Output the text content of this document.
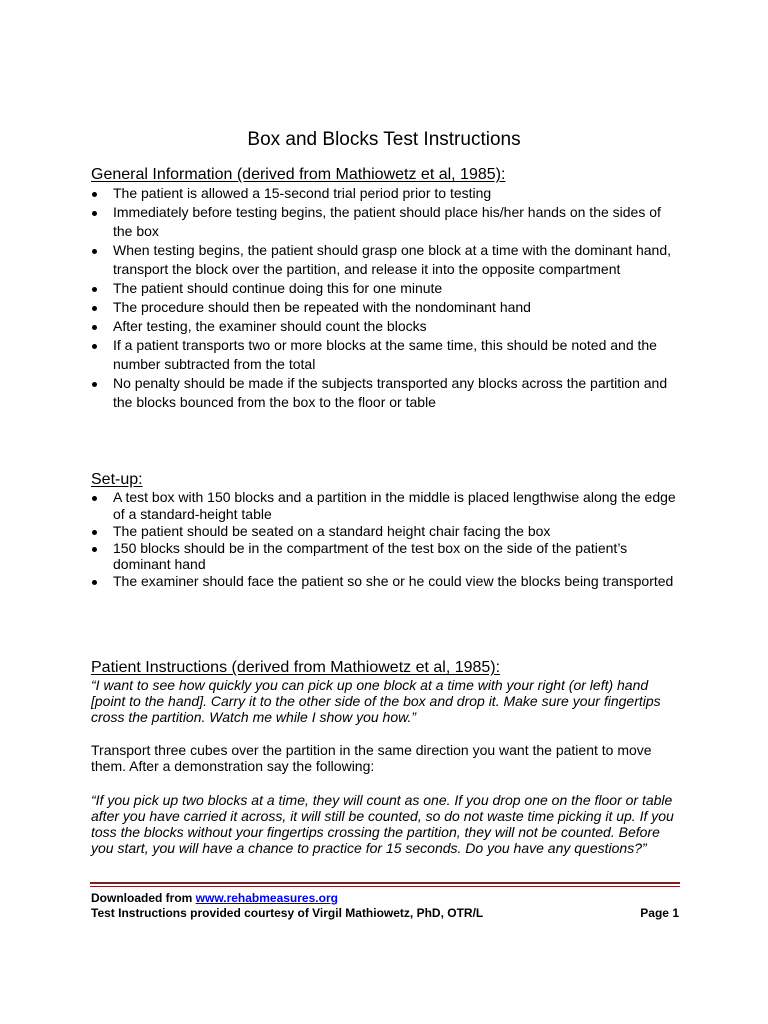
Box and Blocks Test Instructions
General Information (derived from Mathiowetz et al, 1985):
The patient is allowed a 15-second trial period prior to testing
Immediately before testing begins, the patient should place his/her hands on the sides of the box
When testing begins, the patient should grasp one block at a time with the dominant hand, transport the block over the partition, and release it into the opposite compartment
The patient should continue doing this for one minute
The procedure should then be repeated with the nondominant hand
After testing, the examiner should count the blocks
If a patient transports two or more blocks at the same time, this should be noted and the number subtracted from the total
No penalty should be made if the subjects transported any blocks across the partition and the blocks bounced from the box to the floor or table
Set-up:
A test box with 150 blocks and a partition in the middle is placed lengthwise along the edge of a standard-height table
The patient should be seated on a standard height chair facing the box
150 blocks should be in the compartment of the test box on the side of the patient’s dominant hand
The examiner should face the patient so she or he could view the blocks being transported
Patient Instructions (derived from Mathiowetz et al, 1985):

“I want to see how quickly you can pick up one block at a time with your right (or left) hand [point to the hand]. Carry it to the other side of the box and drop it. Make sure your fingertips cross the partition. Watch me while I show you how.”

Transport three cubes over the partition in the same direction you want the patient to move them. After a demonstration say the following:

“If you pick up two blocks at a time, they will count as one. If you drop one on the floor or table after you have carried it across, it will still be counted, so do not waste time picking it up. If you toss the blocks without your fingertips crossing the partition, they will not be counted. Before you start, you will have a chance to practice for 15 seconds. Do you have any questions?”

Downloaded from www.rehabmeasures.org
Test Instructions provided courtesy of Virgil Mathiowetz, PhD, OTR/L	Page 1
